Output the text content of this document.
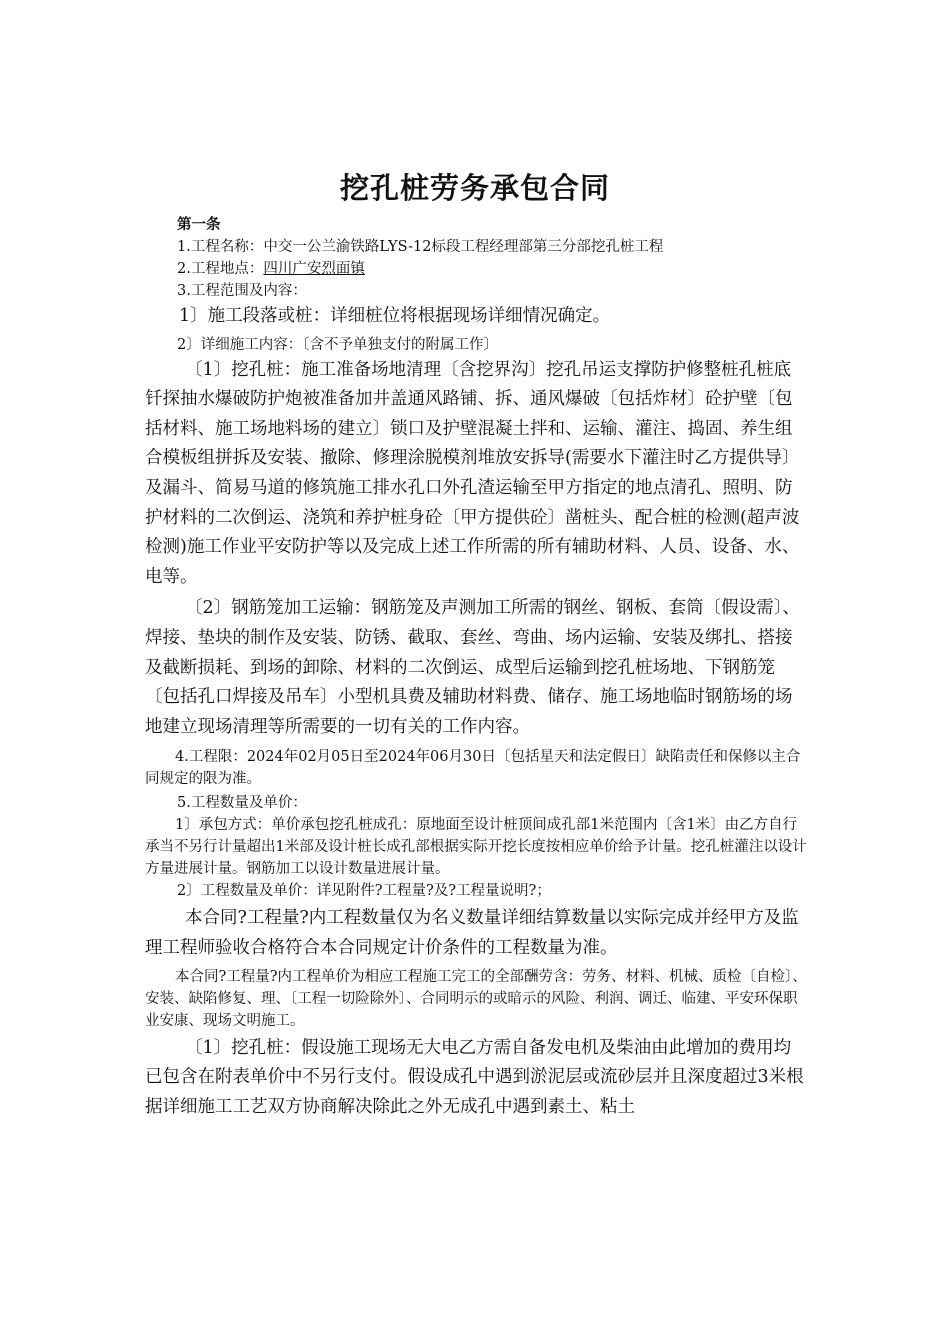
挖孔桩劳务承包合同

第一条

1.工程名称：中交一公兰渝铁路LYS-12标段工程经理部第三分部挖孔桩工程

2.工程地点：四川广安烈面镇

3.工程范围及内容：

1〕施工段落或桩：详细桩位将根据现场详细情况确定。

2〕详细施工内容：〔含不予单独支付的附属工作〕

〔1〕挖孔桩：施工准备场地清理〔含挖界沟〕挖孔吊运支撑防护修整桩孔桩底钎探抽水爆破防护炮被准备加井盖通风路铺、拆、通风爆破〔包括炸材〕砼护壁〔包括材料、施工场地料场的建立〕锁口及护壁混凝土拌和、运输、灌注、捣固、养生组合模板组拼拆及安装、撤除、修理涂脱模剂堆放安拆导(需要水下灌注时乙方提供导〕及漏斗、简易马道的修筑施工排水孔口外孔渣运输至甲方指定的地点清孔、照明、防护材料的二次倒运、浇筑和养护桩身砼〔甲方提供砼〕凿桩头、配合桩的检测(超声波检测)施工作业平安防护等以及完成上述工作所需的所有辅助材料、人员、设备、水、电等。

〔2〕钢筋笼加工运输：钢筋笼及声测加工所需的钢丝、钢板、套筒〔假设需〕、焊接、垫块的制作及安装、防锈、截取、套丝、弯曲、场内运输、安装及绑扎、搭接及截断损耗、到场的卸除、材料的二次倒运、成型后运输到挖孔桩场地、下钢筋笼〔包括孔口焊接及吊车〕小型机具费及辅助材料费、储存、施工场地临时钢筋场的场地建立现场清理等所需要的一切有关的工作内容。

4.工程限：2024年02月05日至2024年06月30日〔包括星天和法定假日〕缺陷责任和保修以主合同规定的限为准。

5.工程数量及单价：

1〕承包方式：单价承包挖孔桩成孔：原地面至设计桩顶间成孔部1米范围内〔含1米〕由乙方自行承当不另行计量超出1米部及设计桩长成孔部根据实际开挖长度按相应单价给予计量。挖孔桩灌注以设计方量进展计量。钢筋加工以设计数量进展计量。

2〕工程数量及单价：详见附件?工程量?及?工程量说明?；

本合同?工程量?内工程数量仅为名义数量详细结算数量以实际完成并经甲方及监理工程师验收合格符合本合同规定计价条件的工程数量为准。

本合同?工程量?内工程单价为相应工程施工完工的全部酬劳含：劳务、材料、机械、质检〔自检〕、安装、缺陷修复、理、〔工程一切险除外〕、合同明示的或暗示的风险、利润、调迁、临建、平安环保职业安康、现场文明施工。

〔1〕挖孔桩：假设施工现场无大电乙方需自备发电机及柴油由此增加的费用均已包含在附表单价中不另行支付。假设成孔中遇到淤泥层或流砂层并且深度超过3米根据详细施工工艺双方协商解决除此之外无成孔中遇到素土、粘土
